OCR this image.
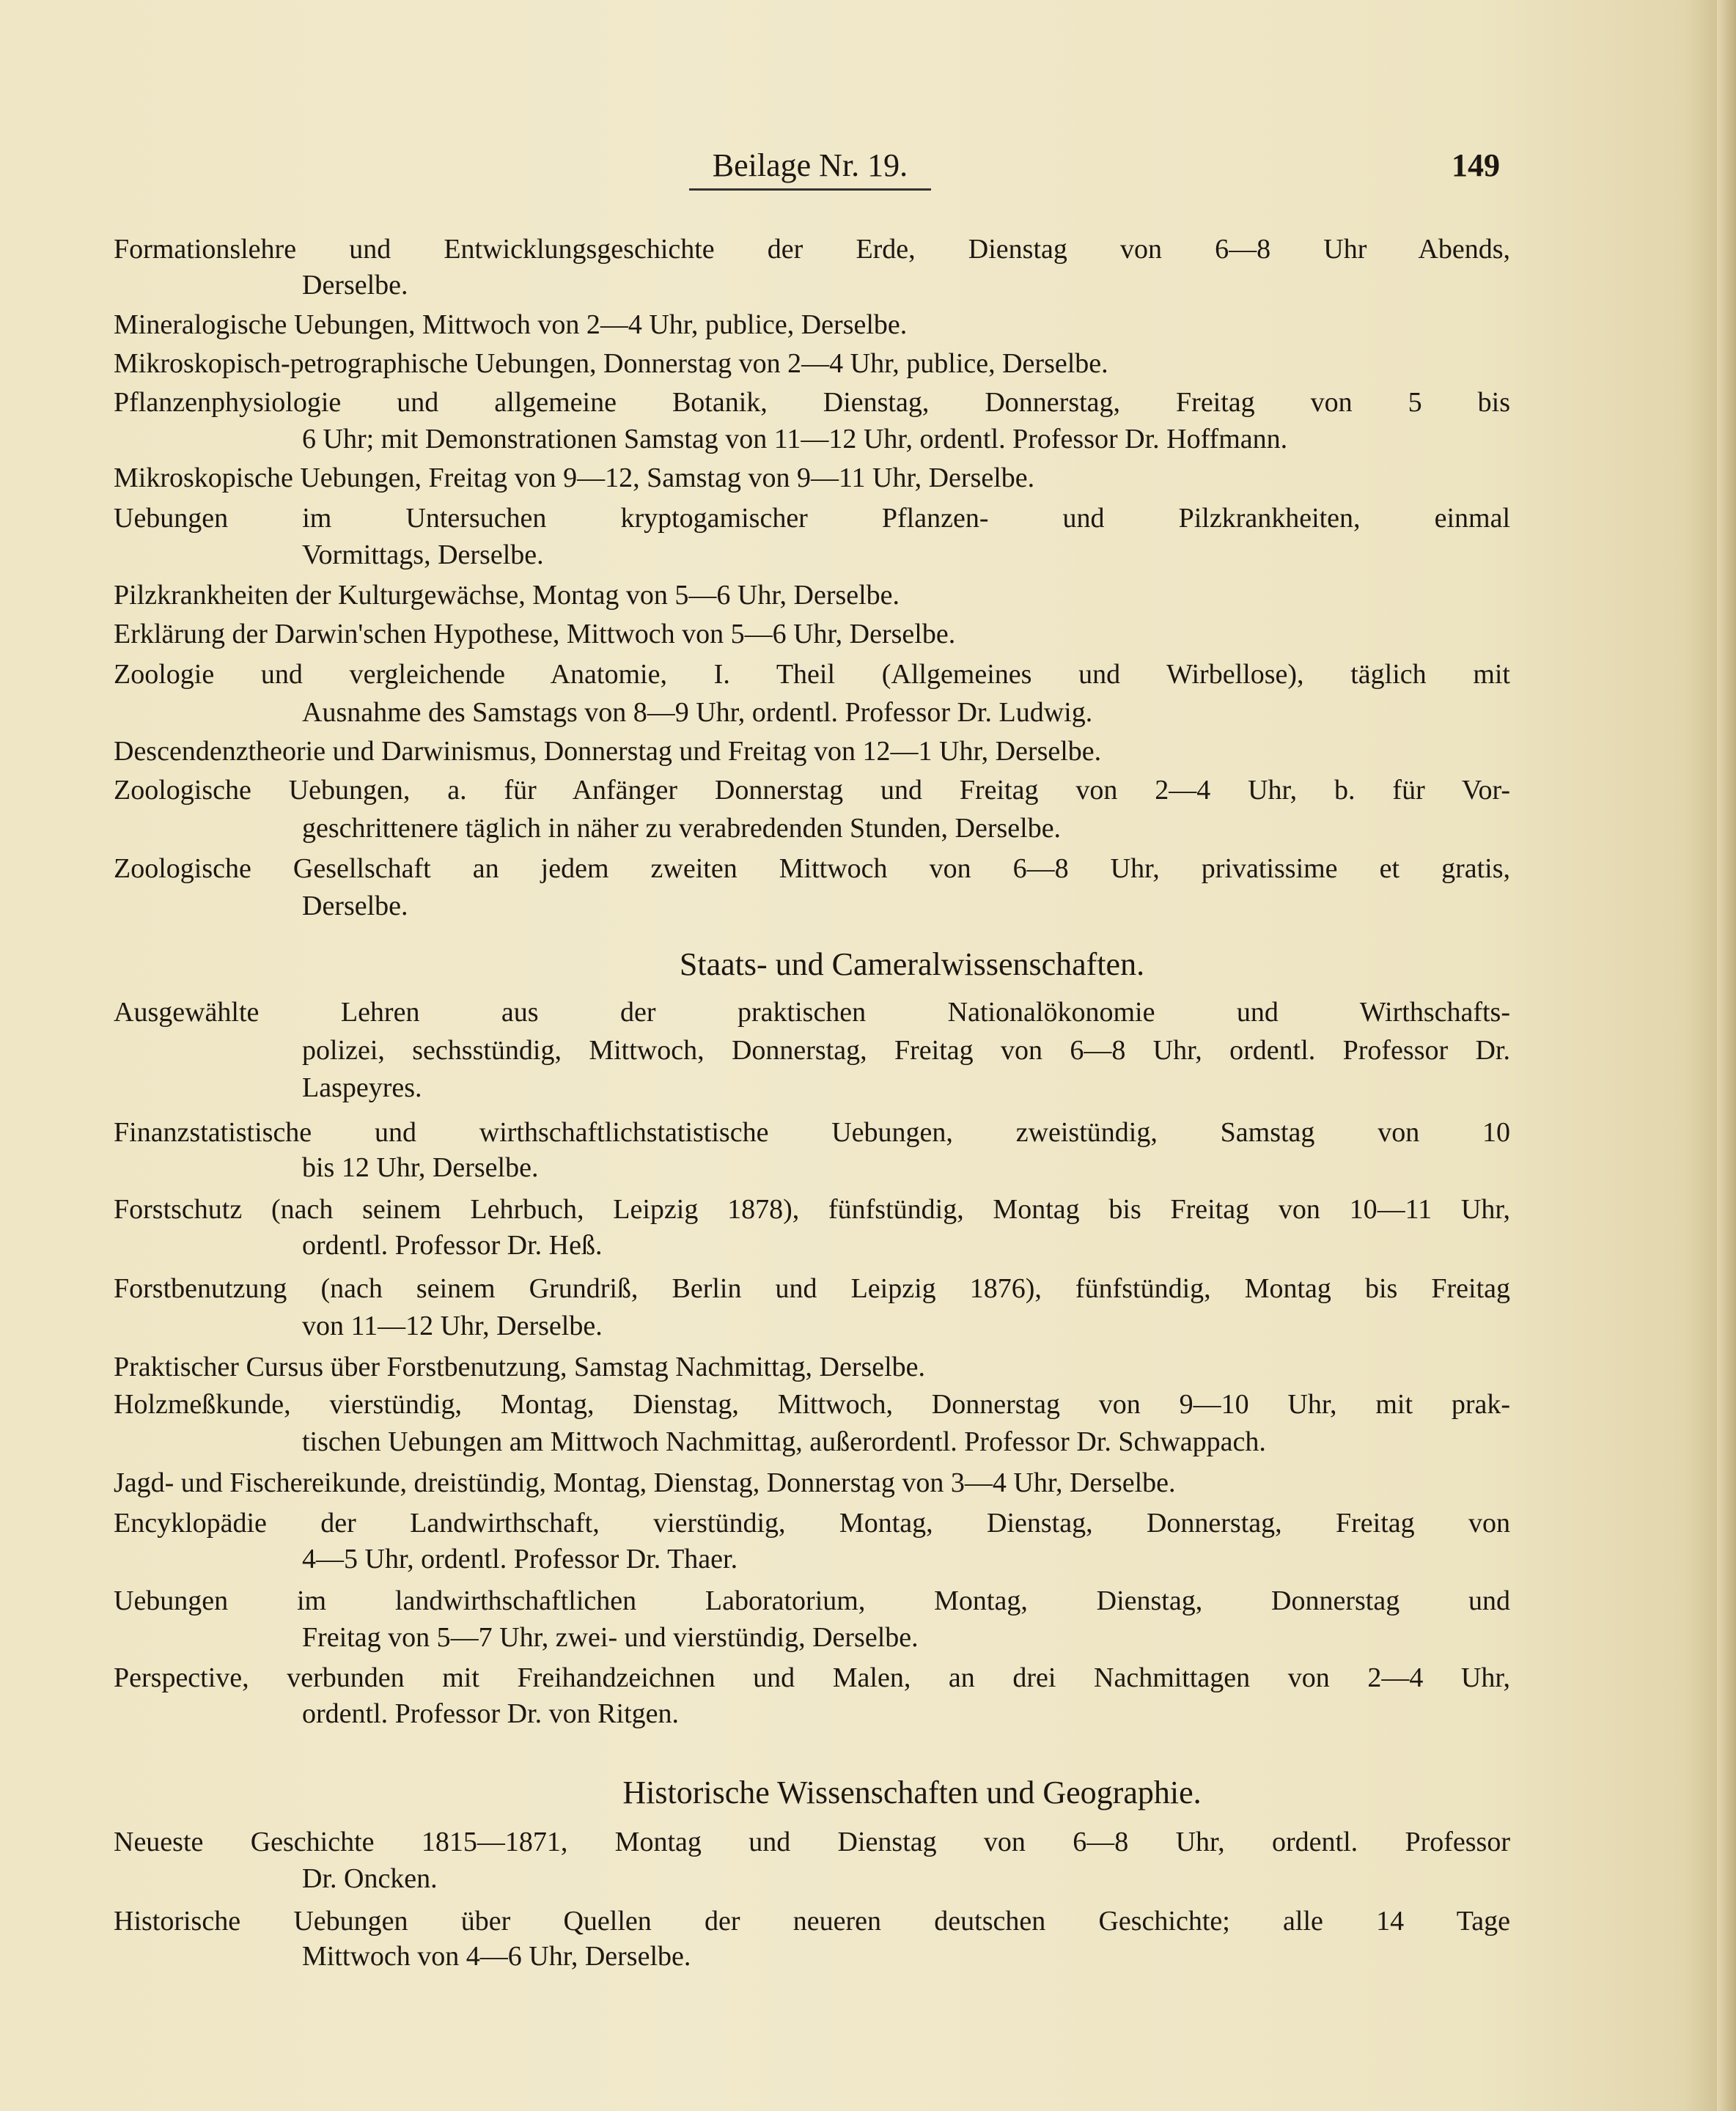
Beilage Nr. 19.	149
Formationslehre und Entwicklungsgeschichte der Erde, Dienstag von 6—8 Uhr Abends,
Derselbe.
Mineralogische Uebungen, Mittwoch von 2—4 Uhr, publice, Derselbe.
Mikroskopisch-petrographische Uebungen, Donnerstag von 2—4 Uhr, publice, Derselbe.
Pflanzenphysiologie und allgemeine Botanik, Dienstag, Donnerstag, Freitag von 5 bis
6 Uhr; mit Demonstrationen Samstag von 11—12 Uhr, ordentl. Professor Dr. Hoffmann.
Mikroskopische Uebungen, Freitag von 9—12, Samstag von 9—11 Uhr, Derselbe.
Uebungen im Untersuchen kryptogamischer Pflanzen- und Pilzkrankheiten, einmal
Vormittags, Derselbe.
Pilzkrankheiten der Kulturgewächse, Montag von 5—6 Uhr, Derselbe.
Erklärung der Darwin'schen Hypothese, Mittwoch von 5—6 Uhr, Derselbe.
Zoologie und vergleichende Anatomie, I. Theil (Allgemeines und Wirbellose), täglich mit
Ausnahme des Samstags von 8—9 Uhr, ordentl. Professor Dr. Ludwig.
Descendenztheorie und Darwinismus, Donnerstag und Freitag von 12—1 Uhr, Derselbe.
Zoologische Uebungen, a. für Anfänger Donnerstag und Freitag von 2—4 Uhr, b. für Vor-
geschrittenere täglich in näher zu verabredenden Stunden, Derselbe.
Zoologische Gesellschaft an jedem zweiten Mittwoch von 6—8 Uhr, privatissime et gratis,
Derselbe.
Staats- und Cameralwissenschaften.
Ausgewählte Lehren aus der praktischen Nationalökonomie und Wirthschafts-
polizei, sechsstündig, Mittwoch, Donnerstag, Freitag von 6—8 Uhr, ordentl. Professor Dr.
Laspeyres.
Finanzstatistische und wirthschaftlichstatistische Uebungen, zweistündig, Samstag von 10
bis 12 Uhr, Derselbe.
Forstschutz (nach seinem Lehrbuch, Leipzig 1878), fünfstündig, Montag bis Freitag von 10—11 Uhr,
ordentl. Professor Dr. Heß.
Forstbenutzung (nach seinem Grundriß, Berlin und Leipzig 1876), fünfstündig, Montag bis Freitag
von 11—12 Uhr, Derselbe.
Praktischer Cursus über Forstbenutzung, Samstag Nachmittag, Derselbe.
Holzmeßkunde, vierstündig, Montag, Dienstag, Mittwoch, Donnerstag von 9—10 Uhr, mit prak-
tischen Uebungen am Mittwoch Nachmittag, außerordentl. Professor Dr. Schwappach.
Jagd- und Fischereikunde, dreistündig, Montag, Dienstag, Donnerstag von 3—4 Uhr, Derselbe.
Encyklopädie der Landwirthschaft, vierstündig, Montag, Dienstag, Donnerstag, Freitag von
4—5 Uhr, ordentl. Professor Dr. Thaer.
Uebungen im landwirthschaftlichen Laboratorium, Montag, Dienstag, Donnerstag und
Freitag von 5—7 Uhr, zwei- und vierstündig, Derselbe.
Perspective, verbunden mit Freihandzeichnen und Malen, an drei Nachmittagen von 2—4 Uhr,
ordentl. Professor Dr. von Ritgen.
Historische Wissenschaften und Geographie.
Neueste Geschichte 1815—1871, Montag und Dienstag von 6—8 Uhr, ordentl. Professor
Dr. Oncken.
Historische Uebungen über Quellen der neueren deutschen Geschichte; alle 14 Tage
Mittwoch von 4—6 Uhr, Derselbe.
